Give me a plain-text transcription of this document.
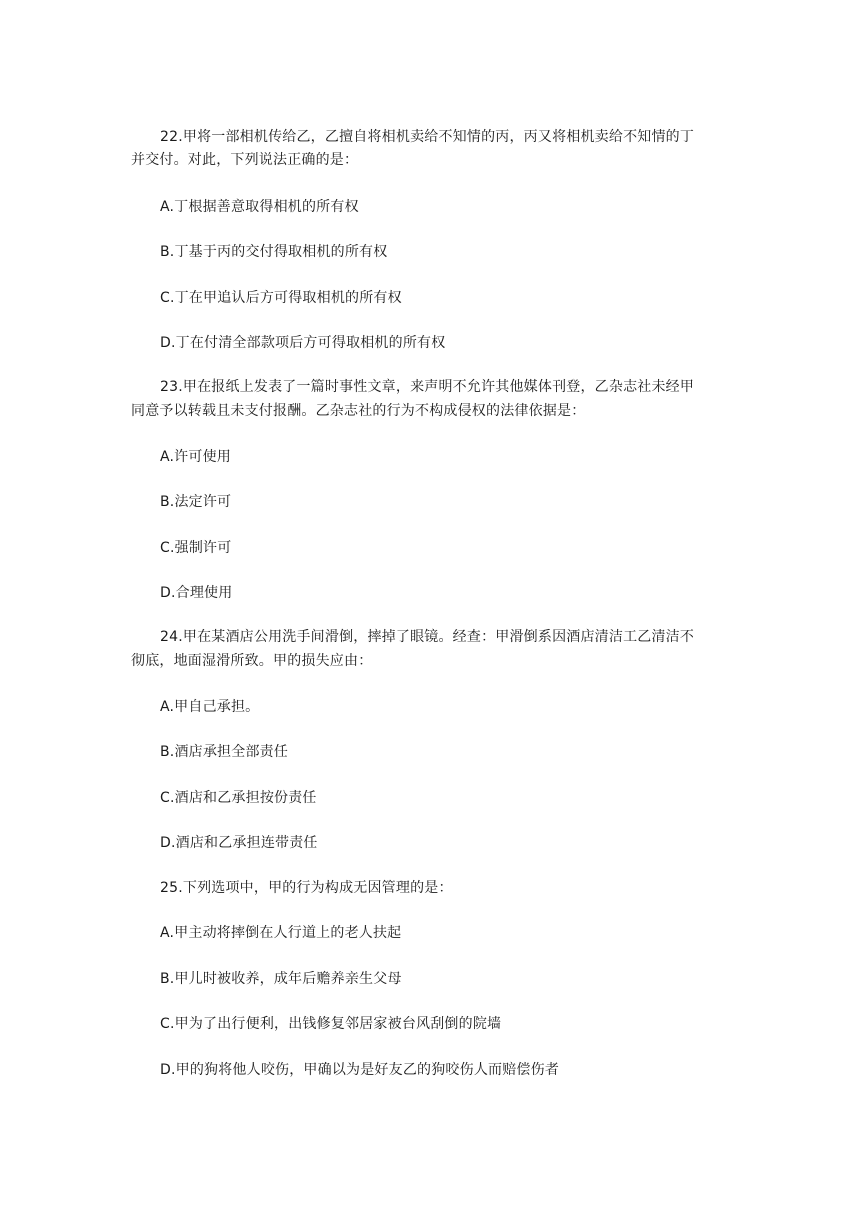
22.甲将一部相机传给乙，乙擅自将相机卖给不知情的丙，丙又将相机卖给不知情的丁
并交付。对此，下列说法正确的是：
A.丁根据善意取得相机的所有权
B.丁基于丙的交付得取相机的所有权
C.丁在甲追认后方可得取相机的所有权
D.丁在付清全部款项后方可得取相机的所有权
23.甲在报纸上发表了一篇时事性文章，来声明不允许其他媒体刊登，乙杂志社未经甲
同意予以转载且未支付报酬。乙杂志社的行为不构成侵权的法律依据是：
A.许可使用
B.法定许可
C.强制许可
D.合理使用
24.甲在某酒店公用洗手间滑倒，摔掉了眼镜。经查：甲滑倒系因酒店清洁工乙清洁不
彻底，地面湿滑所致。甲的损失应由：
A.甲自己承担。
B.酒店承担全部责任
C.酒店和乙承担按份责任
D.酒店和乙承担连带责任
25.下列选项中，甲的行为构成无因管理的是：
A.甲主动将摔倒在人行道上的老人扶起
B.甲儿时被收养，成年后赡养亲生父母
C.甲为了出行便利，出钱修复邻居家被台风刮倒的院墙
D.甲的狗将他人咬伤，甲确以为是好友乙的狗咬伤人而赔偿伤者
